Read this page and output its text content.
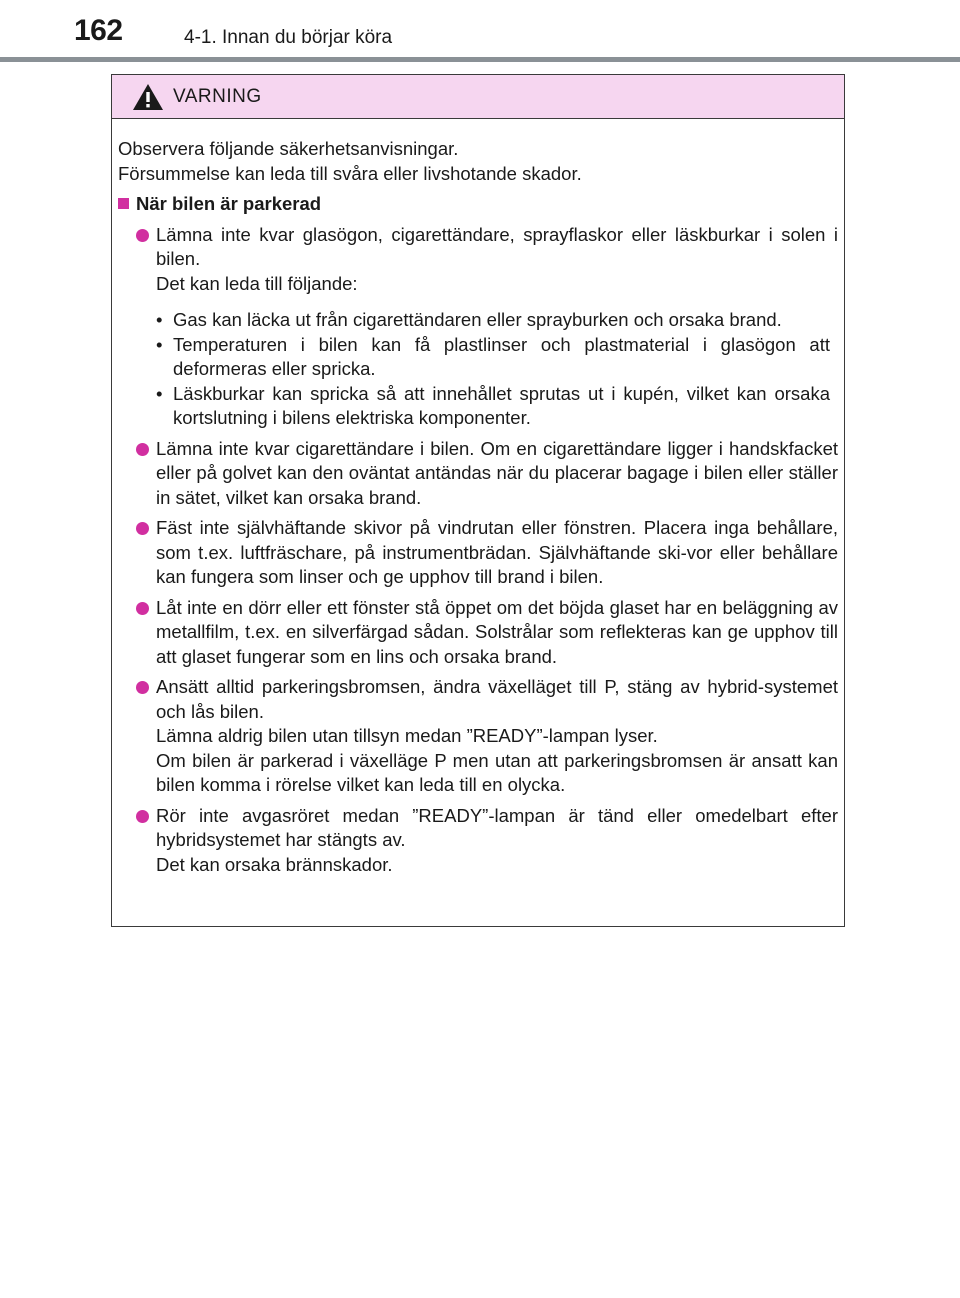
162	4-1. Innan du börjar köra
VARNING

Observera följande säkerhetsanvisningar.

Försummelse kan leda till svåra eller livshotande skador.

När bilen är parkerad

Lämna inte kvar glasögon, cigarettändare, sprayflaskor eller läskburkar i solen i bilen.

Det kan leda till följande:

• Gas kan läcka ut från cigarettändaren eller sprayburken och orsaka brand.
• Temperaturen i bilen kan få plastlinser och plastmaterial i glasögon att deformeras eller spricka.
• Läskburkar kan spricka så att innehållet sprutas ut i kupén, vilket kan orsaka kortslutning i bilens elektriska komponenter.

Lämna inte kvar cigarettändare i bilen. Om en cigarettändare ligger i handskfacket eller på golvet kan den oväntat antändas när du placerar bagage i bilen eller ställer in sätet, vilket kan orsaka brand.

Fäst inte självhäftande skivor på vindrutan eller fönstren. Placera inga behållare, som t.ex. luftfräschare, på instrumentbrädan. Självhäftande ski-vor eller behållare kan fungera som linser och ge upphov till brand i bilen.

Låt inte en dörr eller ett fönster stå öppet om det böjda glaset har en beläggning av metallfilm, t.ex. en silverfärgad sådan. Solstrålar som reflekteras kan ge upphov till att glaset fungerar som en lins och orsaka brand.

Ansätt alltid parkeringsbromsen, ändra växelläget till P, stäng av hybrid-systemet och lås bilen.

Lämna aldrig bilen utan tillsyn medan ”READY”-lampan lyser.

Om bilen är parkerad i växelläge P men utan att parkeringsbromsen är ansatt kan bilen komma i rörelse vilket kan leda till en olycka.

Rör inte avgasröret medan ”READY”-lampan är tänd eller omedelbart efter hybridsystemet har stängts av.

Det kan orsaka brännskador.
